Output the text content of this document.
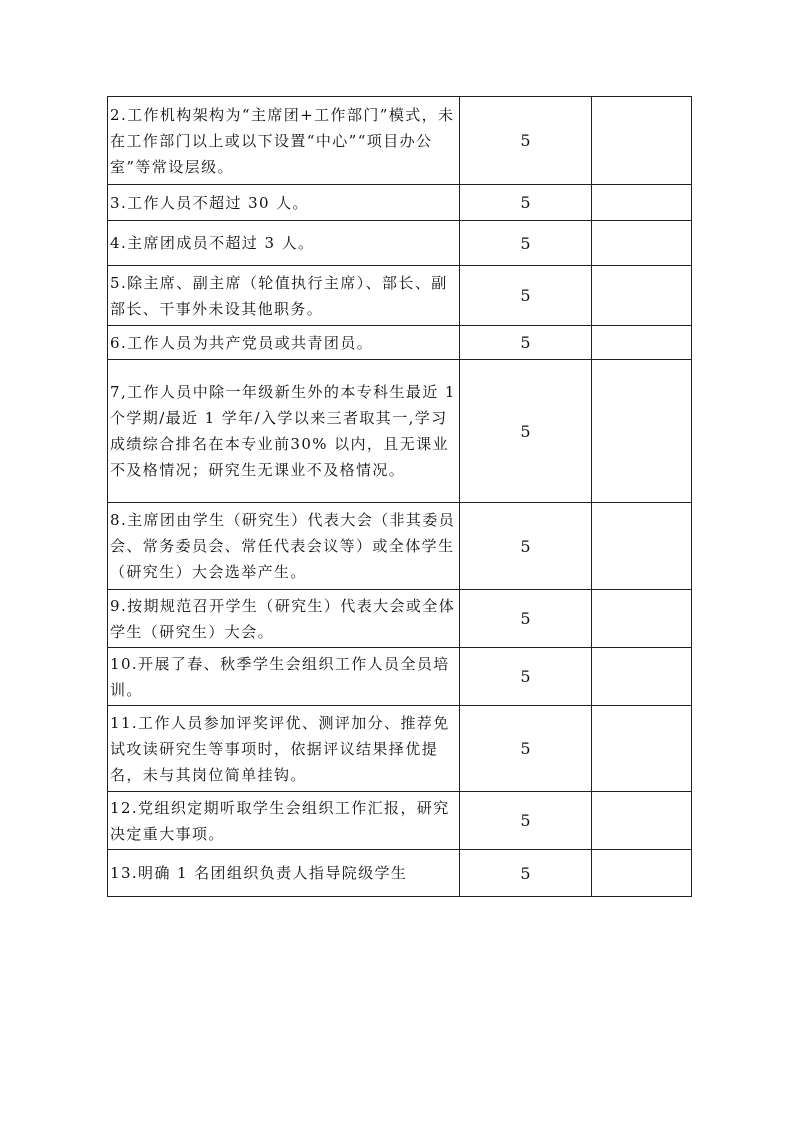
2.工作机构架构为“主席团+工作部门”模式，未在工作部门以上或以下设置“中心”“项目办公室”等常设层级。	5	
3.工作人员不超过 30 人。	5	
4.主席团成员不超过 3 人。	5	
5.除主席、副主席（轮值执行主席）、部长、副部长、干事外未设其他职务。	5	
6.工作人员为共产党员或共青团员。	5	
7,工作人员中除一年级新生外的本专科生最近 1 个学期/最近 1 学年/入学以来三者取其一,学习成绩综合排名在本专业前30% 以内，且无课业不及格情况；研究生无课业不及格情况。	5	
8.主席团由学生（研究生）代表大会（非其委员会、常务委员会、常任代表会议等）或全体学生（研究生）大会选举产生。	5	
9.按期规范召开学生（研究生）代表大会或全体学生（研究生）大会。	5	
10.开展了春、秋季学生会组织工作人员全员培训。	5	
11.工作人员参加评奖评优、测评加分、推荐免试攻读研究生等事项时，依据评议结果择优提名，未与其岗位简单挂钩。	5	
12.党组织定期听取学生会组织工作汇报，研究决定重大事项。	5	
13.明确 1 名团组织负责人指导院级学生	5	
